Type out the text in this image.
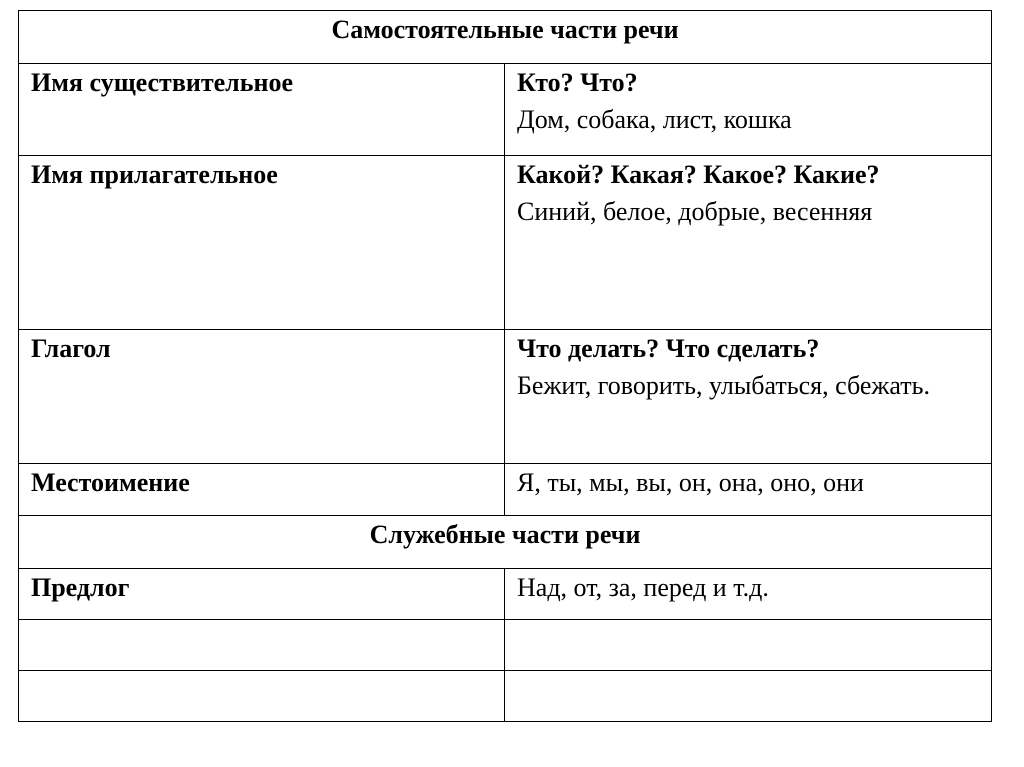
Самостоятельные части речи	
Имя существительное	Кто? Что?
Дом, собака, лист, кошка

Имя прилагательное	Какой? Какая? Какое? Какие?
Синий, белое, добрые, весенняя

Глагол	Что делать? Что сделать?
Бежит, говорить, улыбаться, сбежать.

Местоимение	Я, ты, мы, вы, он, она, оно, они

Служебные части речи	
Предлог	Над, от, за, перед и т.д.
